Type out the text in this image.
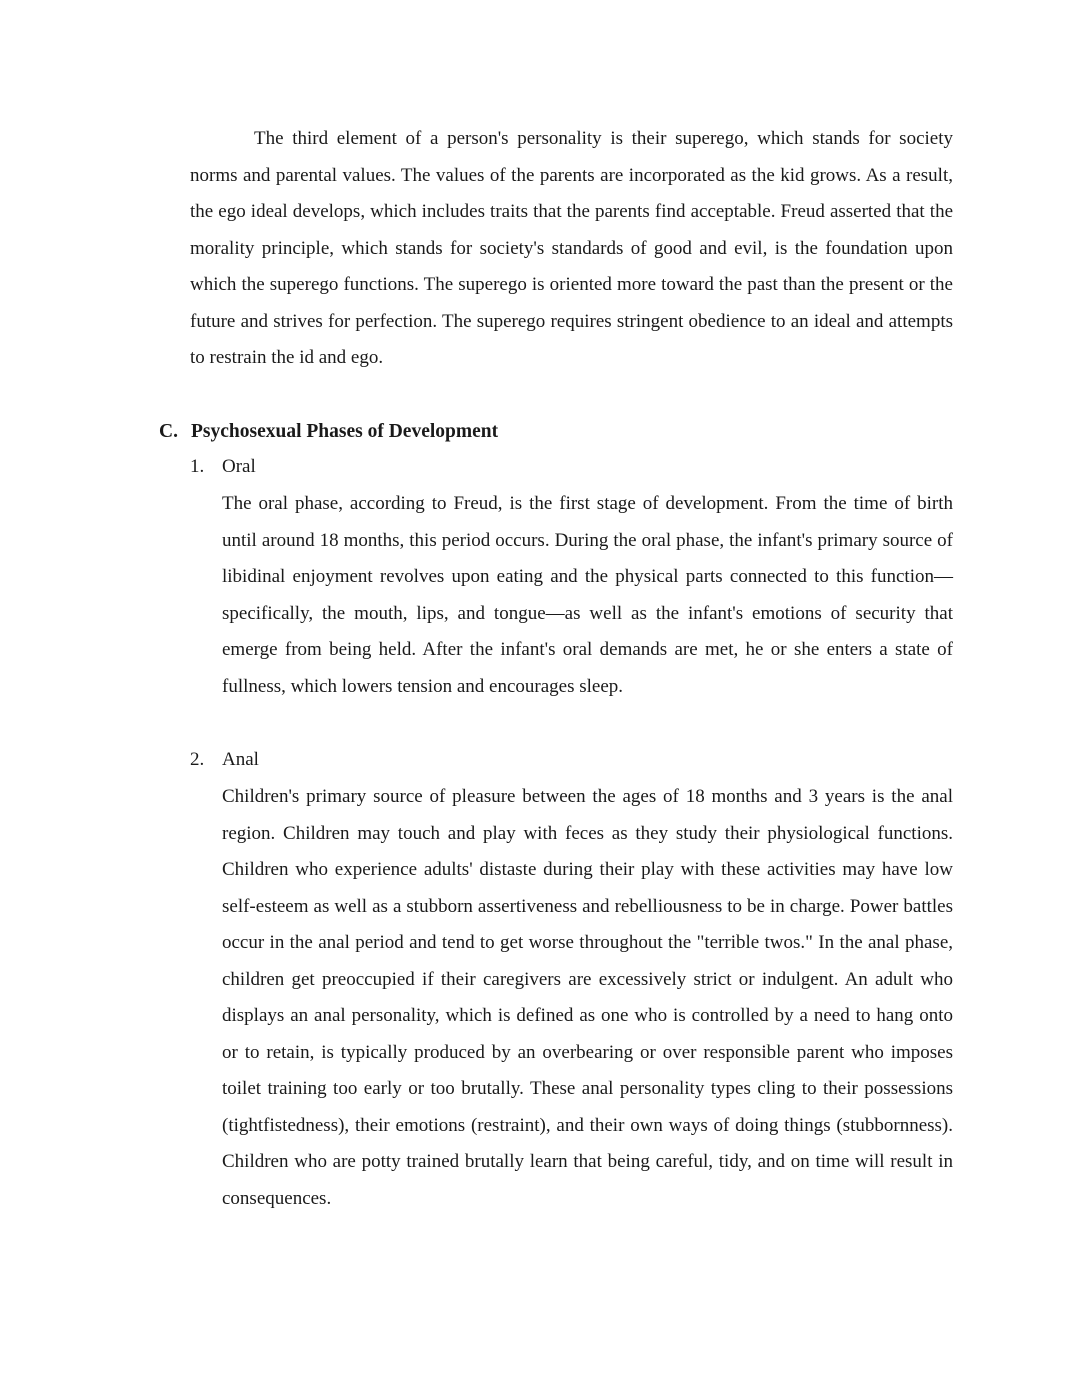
The third element of a person's personality is their superego, which stands for society norms and parental values. The values of the parents are incorporated as the kid grows. As a result, the ego ideal develops, which includes traits that the parents find acceptable. Freud asserted that the morality principle, which stands for society's standards of good and evil, is the foundation upon which the superego functions. The superego is oriented more toward the past than the present or the future and strives for perfection. The superego requires stringent obedience to an ideal and attempts to restrain the id and ego.

C. Psychosexual Phases of Development

1. Oral

The oral phase, according to Freud, is the first stage of development. From the time of birth until around 18 months, this period occurs. During the oral phase, the infant's primary source of libidinal enjoyment revolves upon eating and the physical parts connected to this function—specifically, the mouth, lips, and tongue—as well as the infant's emotions of security that emerge from being held. After the infant's oral demands are met, he or she enters a state of fullness, which lowers tension and encourages sleep.

2. Anal

Children's primary source of pleasure between the ages of 18 months and 3 years is the anal region. Children may touch and play with feces as they study their physiological functions. Children who experience adults' distaste during their play with these activities may have low self-esteem as well as a stubborn assertiveness and rebelliousness to be in charge. Power battles occur in the anal period and tend to get worse throughout the "terrible twos." In the anal phase, children get preoccupied if their caregivers are excessively strict or indulgent. An adult who displays an anal personality, which is defined as one who is controlled by a need to hang onto or to retain, is typically produced by an overbearing or over responsible parent who imposes toilet training too early or too brutally. These anal personality types cling to their possessions (tightfistedness), their emotions (restraint), and their own ways of doing things (stubbornness). Children who are potty trained brutally learn that being careful, tidy, and on time will result in consequences.
